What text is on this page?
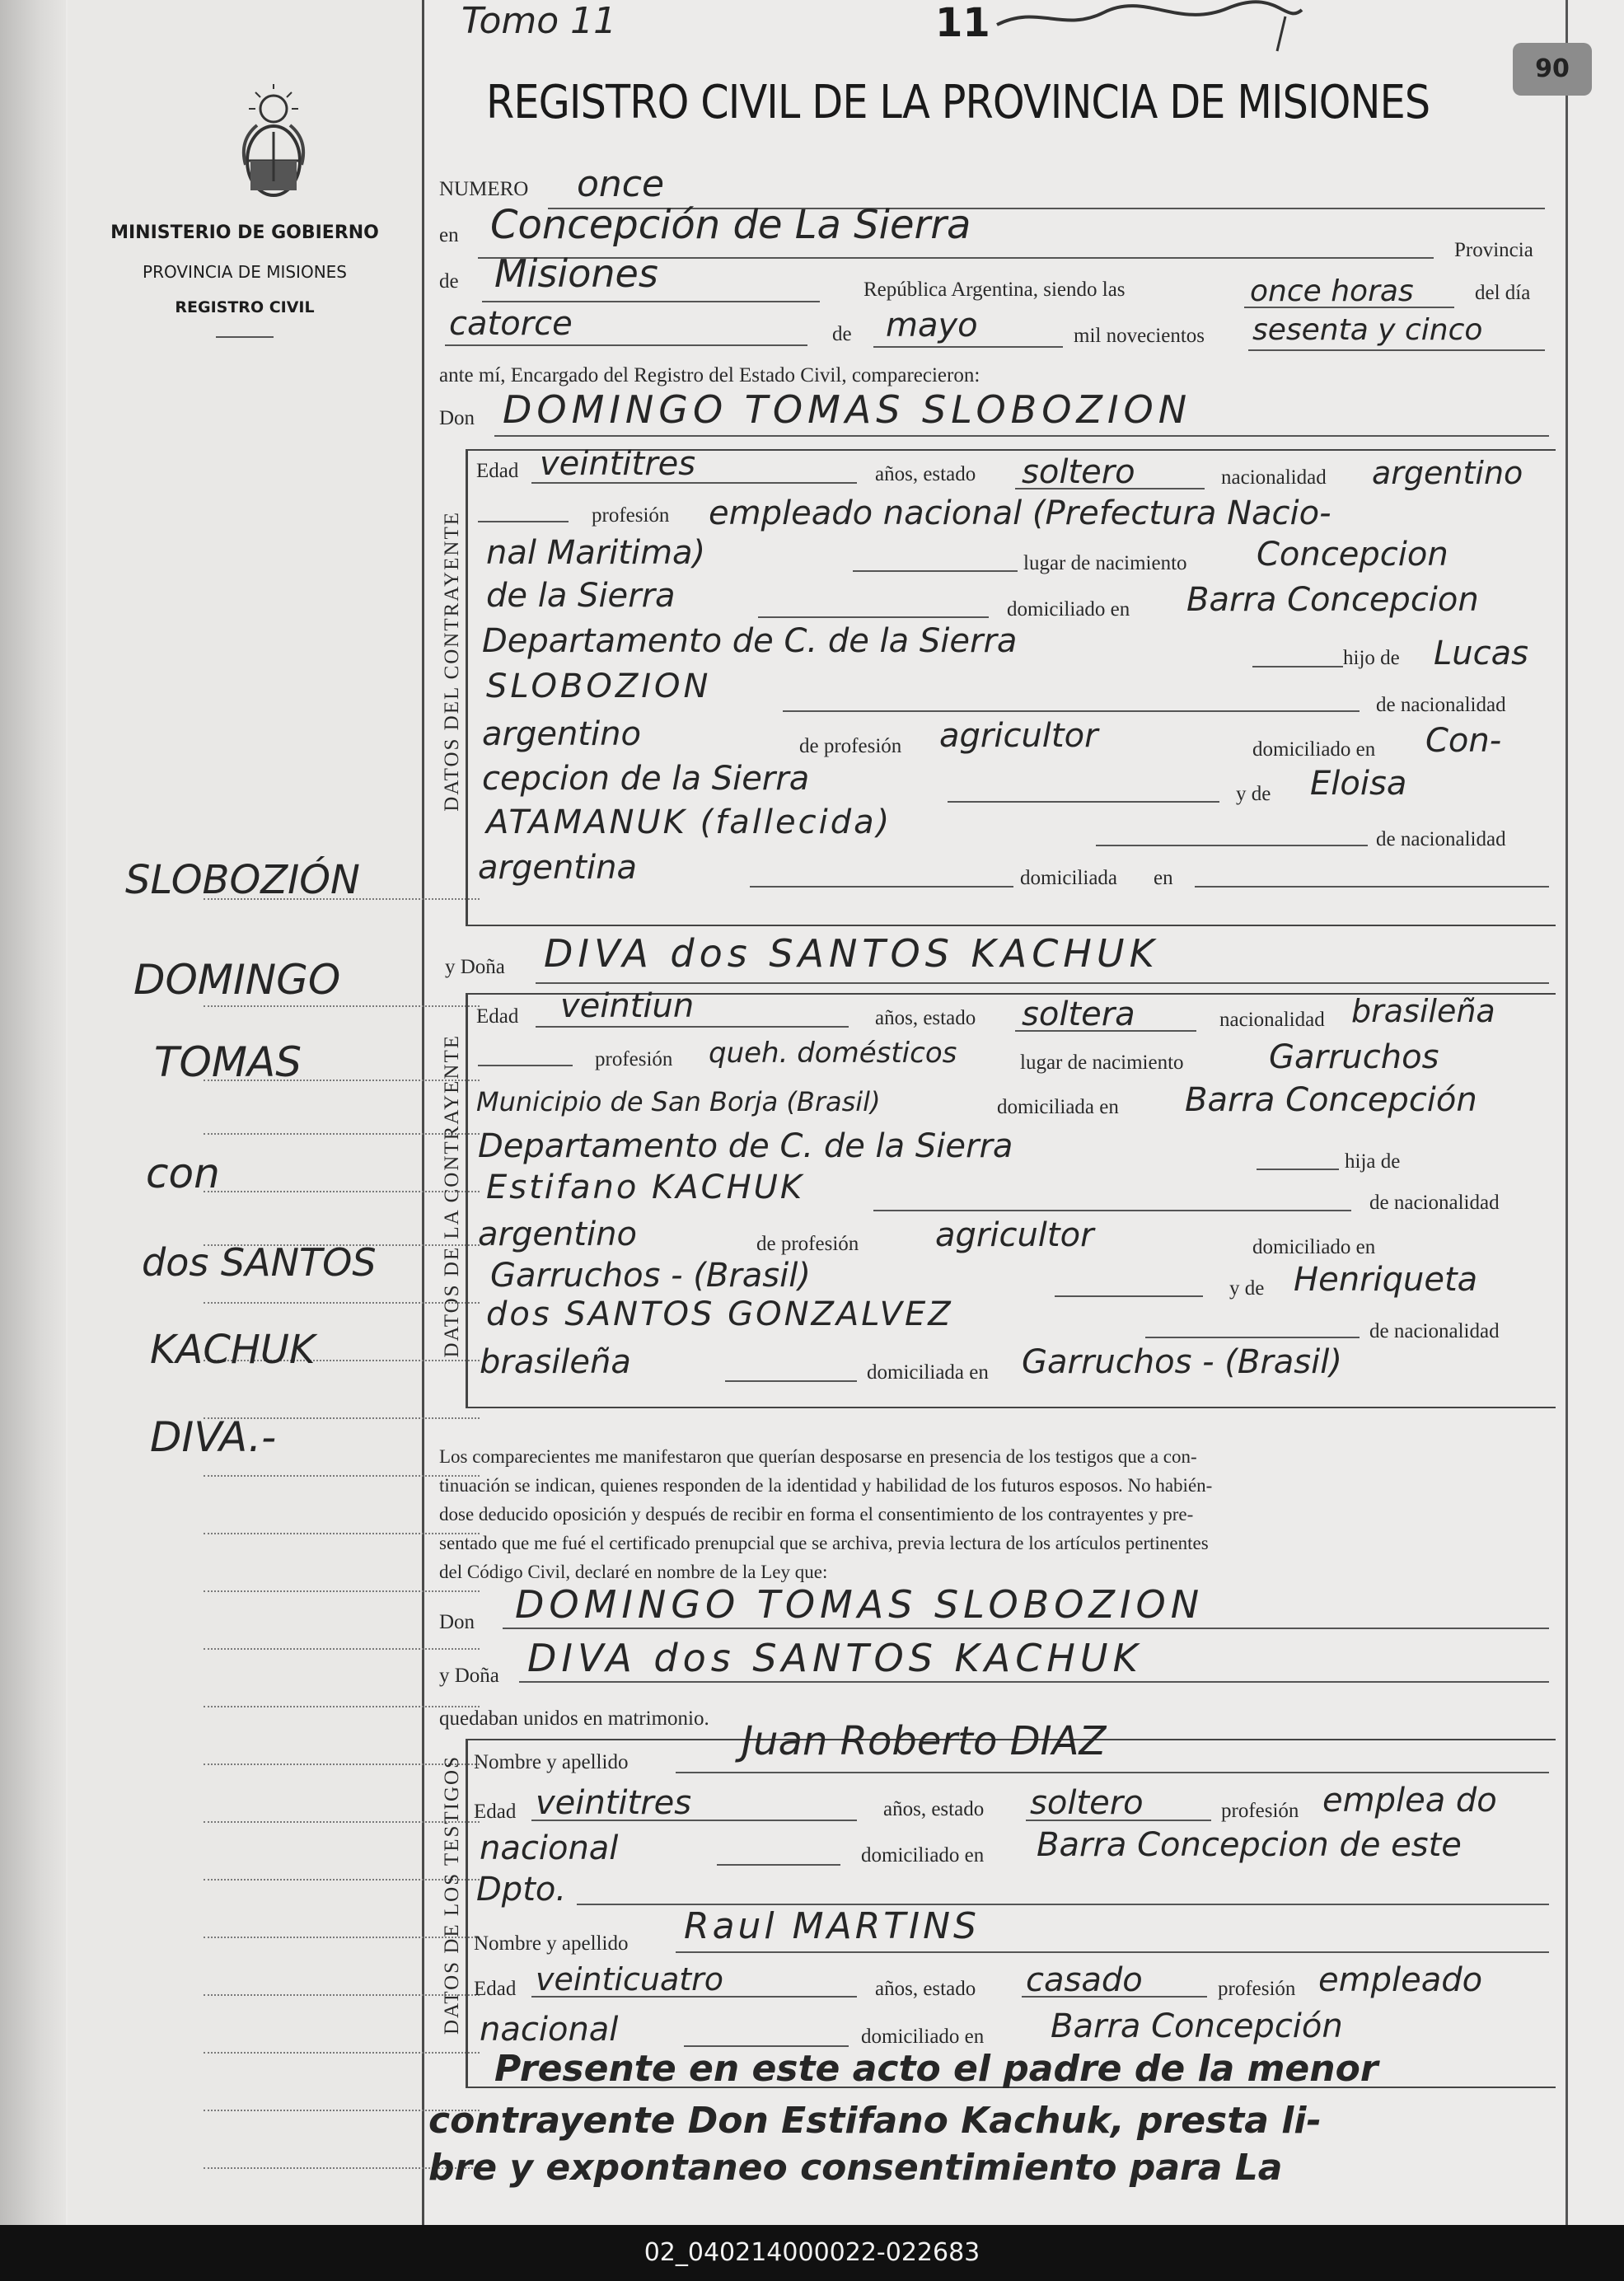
MINISTERIO DE GOBIERNO
PROVINCIA DE MISIONES
REGISTRO CIVIL
SLOBOZIÓN
DOMINGO
TOMAS
con
dos SANTOS
KACHUK
DIVA.-
Tomo 11	11
90
REGISTRO CIVIL DE LA PROVINCIA DE MISIONES
NUMERO once
en Concepción de La Sierra
Provincia
de Misiones	República Argentina, siendo las	once horas	del día
catorce	de mayo	mil novecientos sesenta y cinco
ante mí, Encargado del Registro del Estado Civil, comparecieron:
Don DOMINGO TOMAS SLOBOZION
DATOS DEL CONTRAYENTE
Edad veintitres	años, estado soltero	nacionalidad argentino
profesión empleado nacional (Prefectura Nacio-
nal Maritima)	lugar de nacimiento Concepcion
de la Sierra	domiciliado en Barra Concepcion
Departamento de C. de la Sierra	hijo de Lucas
SLOBOZION	de nacionalidad
argentino	de profesión agricultor	domiciliado en Con-
cepcion de la Sierra	y de Eloisa
ATAMANUK (fallecida)	de nacionalidad
argentina	domiciliada en
y Doña DIVA dos SANTOS KACHUK
DATOS DE LA CONTRAYENTE
Edad veintiun	años, estado soltera	nacionalidad brasileña
profesión queh. domésticos	lugar de nacimiento	Garruchos
Municipio de San Borja (Brasil)	domiciliada en Barra Concepción
Departamento de C. de la Sierra	hija de
Estifano KACHUK	de nacionalidad
argentino	de profesión agricultor	domiciliado en
Garruchos - (Brasil)	y de Henriqueta
dos SANTOS GONZALVEZ	de nacionalidad
brasileña	domiciliada en Garruchos - (Brasil)
Los comparecientes me manifestaron que querían desposarse en presencia de los testigos que a con-
tinuación se indican, quienes responden de la identidad y habilidad de los futuros esposos. No habién-
dose deducido oposición y después de recibir en forma el consentimiento de los contrayentes y pre-
sentado que me fué el certificado prenupcial que se archiva, previa lectura de los artículos pertinentes
del Código Civil, declaré en nombre de la Ley que:
Don DOMINGO TOMAS SLOBOZION
y Doña DIVA dos SANTOS KACHUK
quedaban unidos en matrimonio.
DATOS DE LOS TESTIGOS Nombre y apellido	Juan Roberto DIAZ
Edad veintitres	años, estado soltero	profesión emplea do
nacional	domiciliado en Barra Concepcion de este
Dpto.
Nombre y apellido Raul MARTINS
Edad veinticuatro	años, estado casado	profesión empleado
nacional	domiciliado en Barra Concepción
Presente en este acto el padre de la menor
contrayente Don Estifano Kachuk, presta li-
bre y expontaneo consentimiento para La
02_040214000022-022683
